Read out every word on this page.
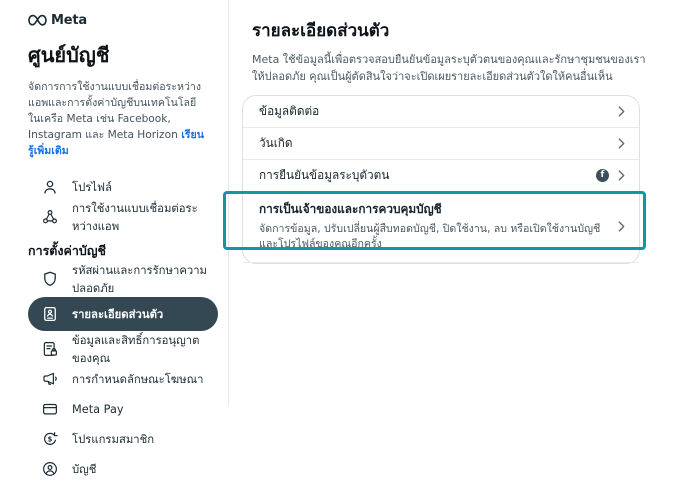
Meta
ศูนย์บัญชี
จัดการการใช้งานแบบเชื่อมต่อระหว่างแอพและการตั้งค่าบัญชีบนเทคโนโลยีในเครือ Meta เช่น Facebook, Instagram และ Meta Horizon เรียนรู้เพิ่มเติม
โปรไฟล์
การใช้งานแบบเชื่อมต่อระหว่างแอพ
การตั้งค่าบัญชี
รหัสผ่านและการรักษาความปลอดภัย
รายละเอียดส่วนตัว
ข้อมูลและสิทธิ์การอนุญาตของคุณ
การกำหนดลักษณะโฆษณา
Meta Pay
$ โปรแกรมสมาชิก
บัญชี
รายละเอียดส่วนตัว
Meta ใช้ข้อมูลนี้เพื่อตรวจสอบยืนยันข้อมูลระบุตัวตนของคุณและรักษาชุมชนของเราให้ปลอดภัย คุณเป็นผู้ตัดสินใจว่าจะเปิดเผยรายละเอียดส่วนตัวใดให้คนอื่นเห็น
ข้อมูลติดต่อ
วันเกิด
การยืนยันข้อมูลระบุตัวตน	f
การเป็นเจ้าของและการควบคุมบัญชี
จัดการข้อมูล, ปรับเปลี่ยนผู้สืบทอดบัญชี, ปิดใช้งาน, ลบ หรือเปิดใช้งานบัญชีและโปรไฟล์ของคุณอีกครั้ง
